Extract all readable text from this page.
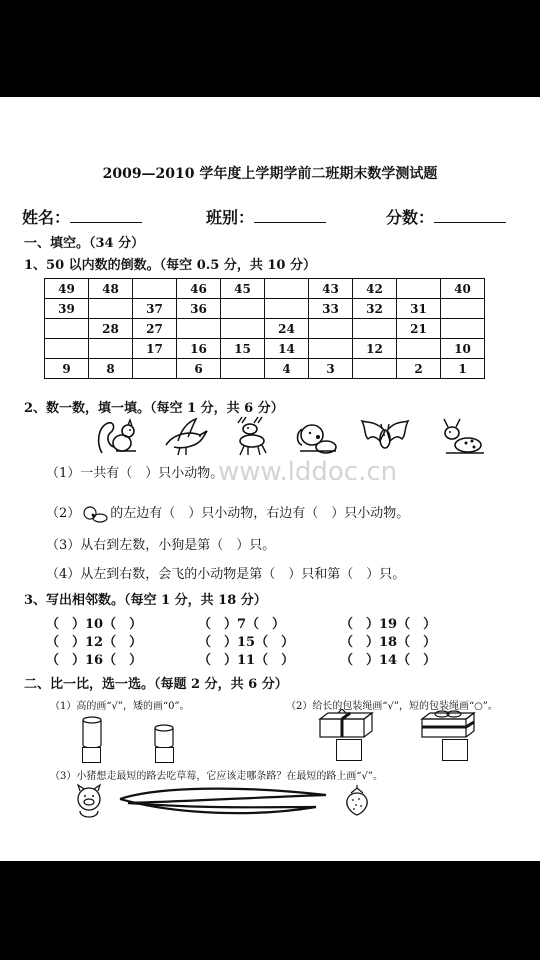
2009—2010 学年度上学期学前二班期末数学测试题
姓名：	班别：	分数：
一、填空。（34 分）
1、50 以内数的倒数。（每空 0.5 分，共 10 分）
49	48		46	45		43	42		40
39		37	36			33	32	31	
	28	27			24			21	
		17	16	15	14		12		10
9	8		6		4	3		2	1
2、数一数，填一填。（每空 1 分，共 6 分）
www.lddoc.cn
（1）一共有（　）只小动物。
（2） 的左边有（　）只小动物，右边有（　）只小动物。
（3）从右到左数，小狗是第（　）只。
（4）从左到右数，会飞的小动物是第（　）只和第（　）只。
3、写出相邻数。（每空 1 分，共 18 分）
（　）10（　）	（　）7（　）	（　）19（　）
（　）12（　）	（　）15（　）	（　）18（　）
（　）16（　）	（　）11（　）	（　）14（　）
二、比一比，选一选。（每题 2 分，共 6 分）
（1）高的画“√”，矮的画“0”。	（2）给长的包装绳画“√”，短的包装绳画“○”。
（3）小猪想走最短的路去吃草莓，它应该走哪条路？在最短的路上画“√”。
